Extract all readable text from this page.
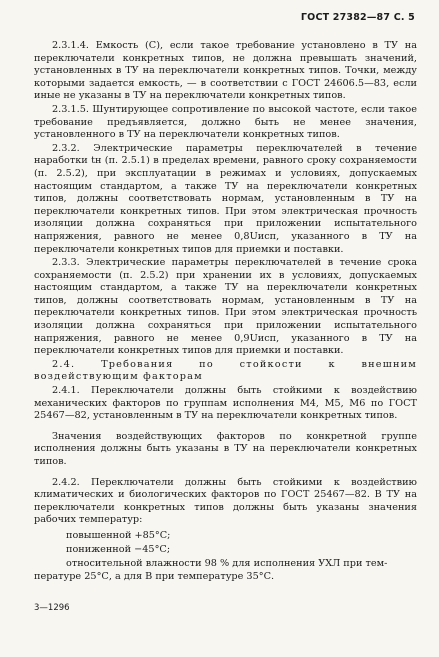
ГОСТ 27382—87 С. 5

2.3.1.4. Емкость (С), если такое требование установлено в ТУ на переключатели конкретных типов, не должна превышать значений, установленных в ТУ на переключатели конкретных типов. Точки, между которыми задается емкость, — в соответствии с ГОСТ 24606.5—83, если иные не указаны в ТУ на переключатели конкретных типов.

2.3.1.5. Шунтирующее сопротивление по высокой частоте, если такое требование предъявляется, должно быть не менее значения, установленного в ТУ на переключатели конкретных типов.

2.3.2. Электрические параметры переключателей в течение наработки tн (п. 2.5.1) в пределах времени, равного сроку сохраняемости (п. 2.5.2), при эксплуатации в режимах и условиях, допускаемых настоящим стандартом, а также ТУ на переключатели конкретных типов, должны соответствовать нормам, установленным в ТУ на переключатели конкретных типов. При этом электрическая прочность изоляции должна сохраняться при приложении испытательного напряжения, равного не менее 0,8Uисп, указанного в ТУ на переключатели конкретных типов для приемки и поставки.

2.3.3. Электрические параметры переключателей в течение срока сохраняемости (п. 2.5.2) при хранении их в условиях, допускаемых настоящим стандартом, а также ТУ на переключатели конкретных типов, должны соответствовать нормам, установленным в ТУ на переключатели конкретных типов. При этом электрическая прочность изоляции должна сохраняться при приложении испытательного напряжения, равного не менее 0,9Uисп, указанного в ТУ на переключатели конкретных типов для приемки и поставки.

2.4. Требования по стойкости к внешним воздействующим факторам

2.4.1. Переключатели должны быть стойкими к воздействию механических факторов по группам исполнения М4, М5, М6 по ГОСТ 25467—82, установленным в ТУ на переключатели конкретных типов.

Значения воздействующих факторов по конкретной группе исполнения должны быть указаны в ТУ на переключатели конкретных типов.

2.4.2. Переключатели должны быть стойкими к воздействию климатических и биологических факторов по ГОСТ 25467—82. В ТУ на переключатели конкретных типов должны быть указаны значения рабочих температур:

повышенной +85°С;
пониженной −45°С;
относительной влажности 98 % для исполнения УХЛ при тем-

пературе 25°С, а для В при температуре 35°С.

3—1296
